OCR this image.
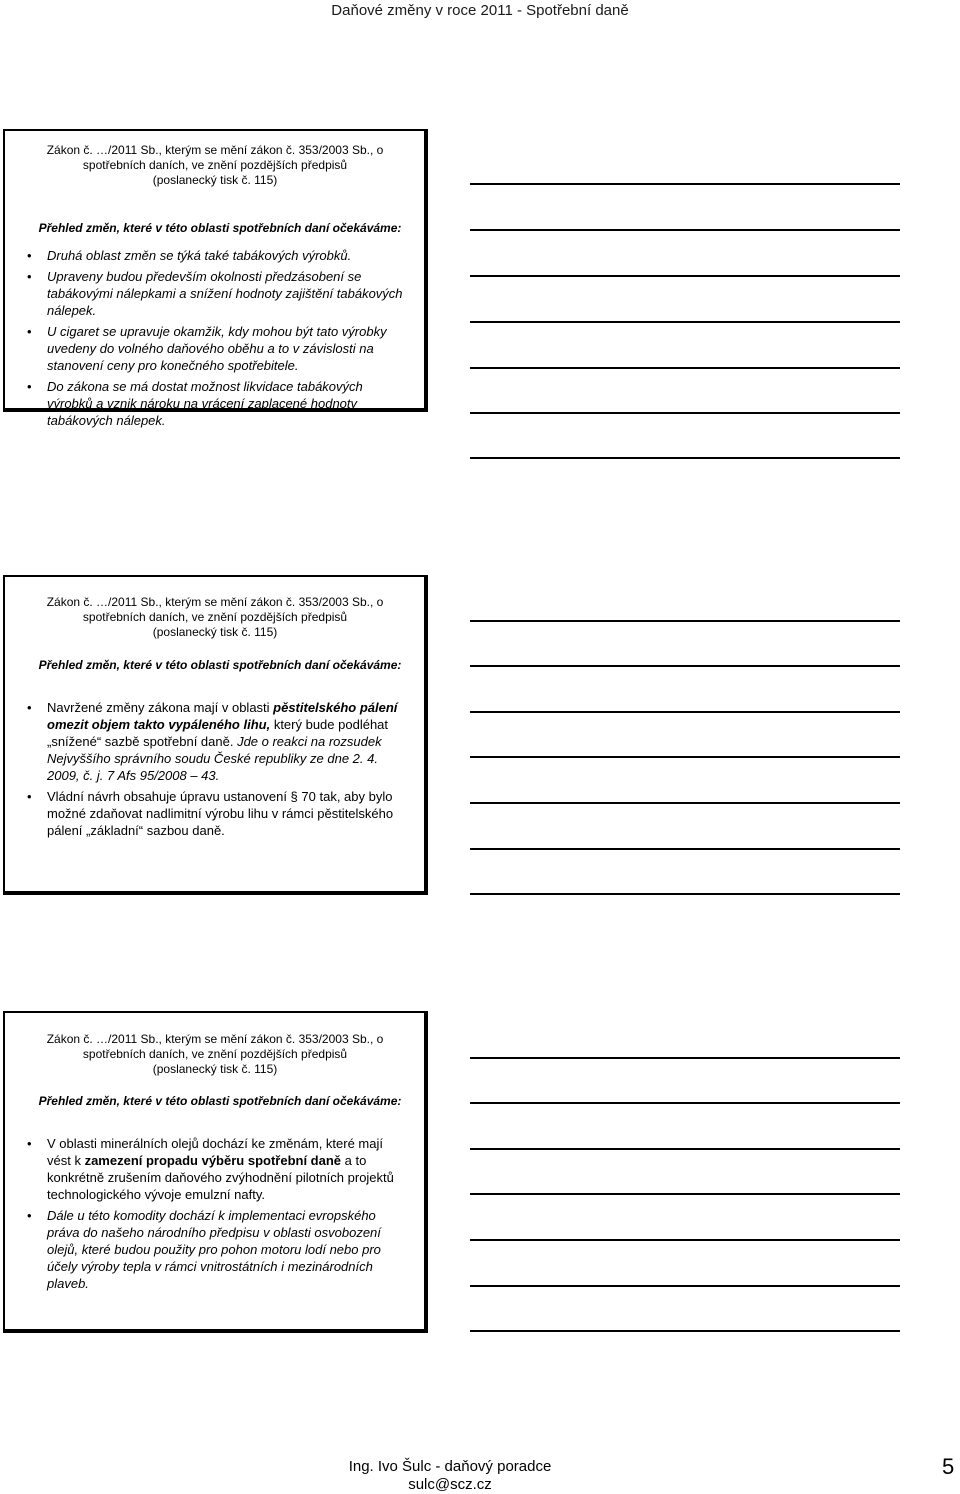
Daňové změny v roce 2011 - Spotřební daně
Zákon č. …/2011 Sb., kterým se mění zákon č. 353/2003 Sb., o
spotřebních daních, ve znění pozdějších předpisů
(poslanecký tisk č. 115)
Přehled změn, které v této oblasti spotřebních daní očekáváme:
• Druhá oblast změn se týká také tabákových výrobků.
• Upraveny budou především okolnosti předzásobení se tabákovými nálepkami a snížení hodnoty zajištění tabákových nálepek.
• U cigaret se upravuje okamžik, kdy mohou být tato výrobky uvedeny do volného daňového oběhu a to v závislosti na stanovení ceny pro konečného spotřebitele.
• Do zákona se má dostat možnost likvidace tabákových výrobků a vznik nároku na vrácení zaplacené hodnoty tabákových nálepek.
Zákon č. …/2011 Sb., kterým se mění zákon č. 353/2003 Sb., o
spotřebních daních, ve znění pozdějších předpisů
(poslanecký tisk č. 115)
Přehled změn, které v této oblasti spotřebních daní očekáváme:
• Navržené změny zákona mají v oblasti pěstitelského pálení omezit objem takto vypáleného lihu, který bude podléhat „snížené“ sazbě spotřební daně. Jde o reakci na rozsudek Nejvyššího správního soudu České republiky ze dne 2. 4. 2009, č. j. 7 Afs 95/2008 – 43.
• Vládní návrh obsahuje úpravu ustanovení § 70 tak, aby bylo možné zdaňovat nadlimitní výrobu lihu v rámci pěstitelského pálení „základní“ sazbou daně.
Zákon č. …/2011 Sb., kterým se mění zákon č. 353/2003 Sb., o
spotřebních daních, ve znění pozdějších předpisů
(poslanecký tisk č. 115)
Přehled změn, které v této oblasti spotřebních daní očekáváme:
• V oblasti minerálních olejů dochází ke změnám, které mají vést k zamezení propadu výběru spotřební daně a to konkrétně zrušením daňového zvýhodnění pilotních projektů technologického vývoje emulzní nafty.
• Dále u této komodity dochází k implementaci evropského práva do našeho národního předpisu v oblasti osvobození olejů, které budou použity pro pohon motoru lodí nebo pro účely výroby tepla v rámci vnitrostátních i mezinárodních plaveb.
Ing. Ivo Šulc - daňový poradce
sulc@scz.cz
5
